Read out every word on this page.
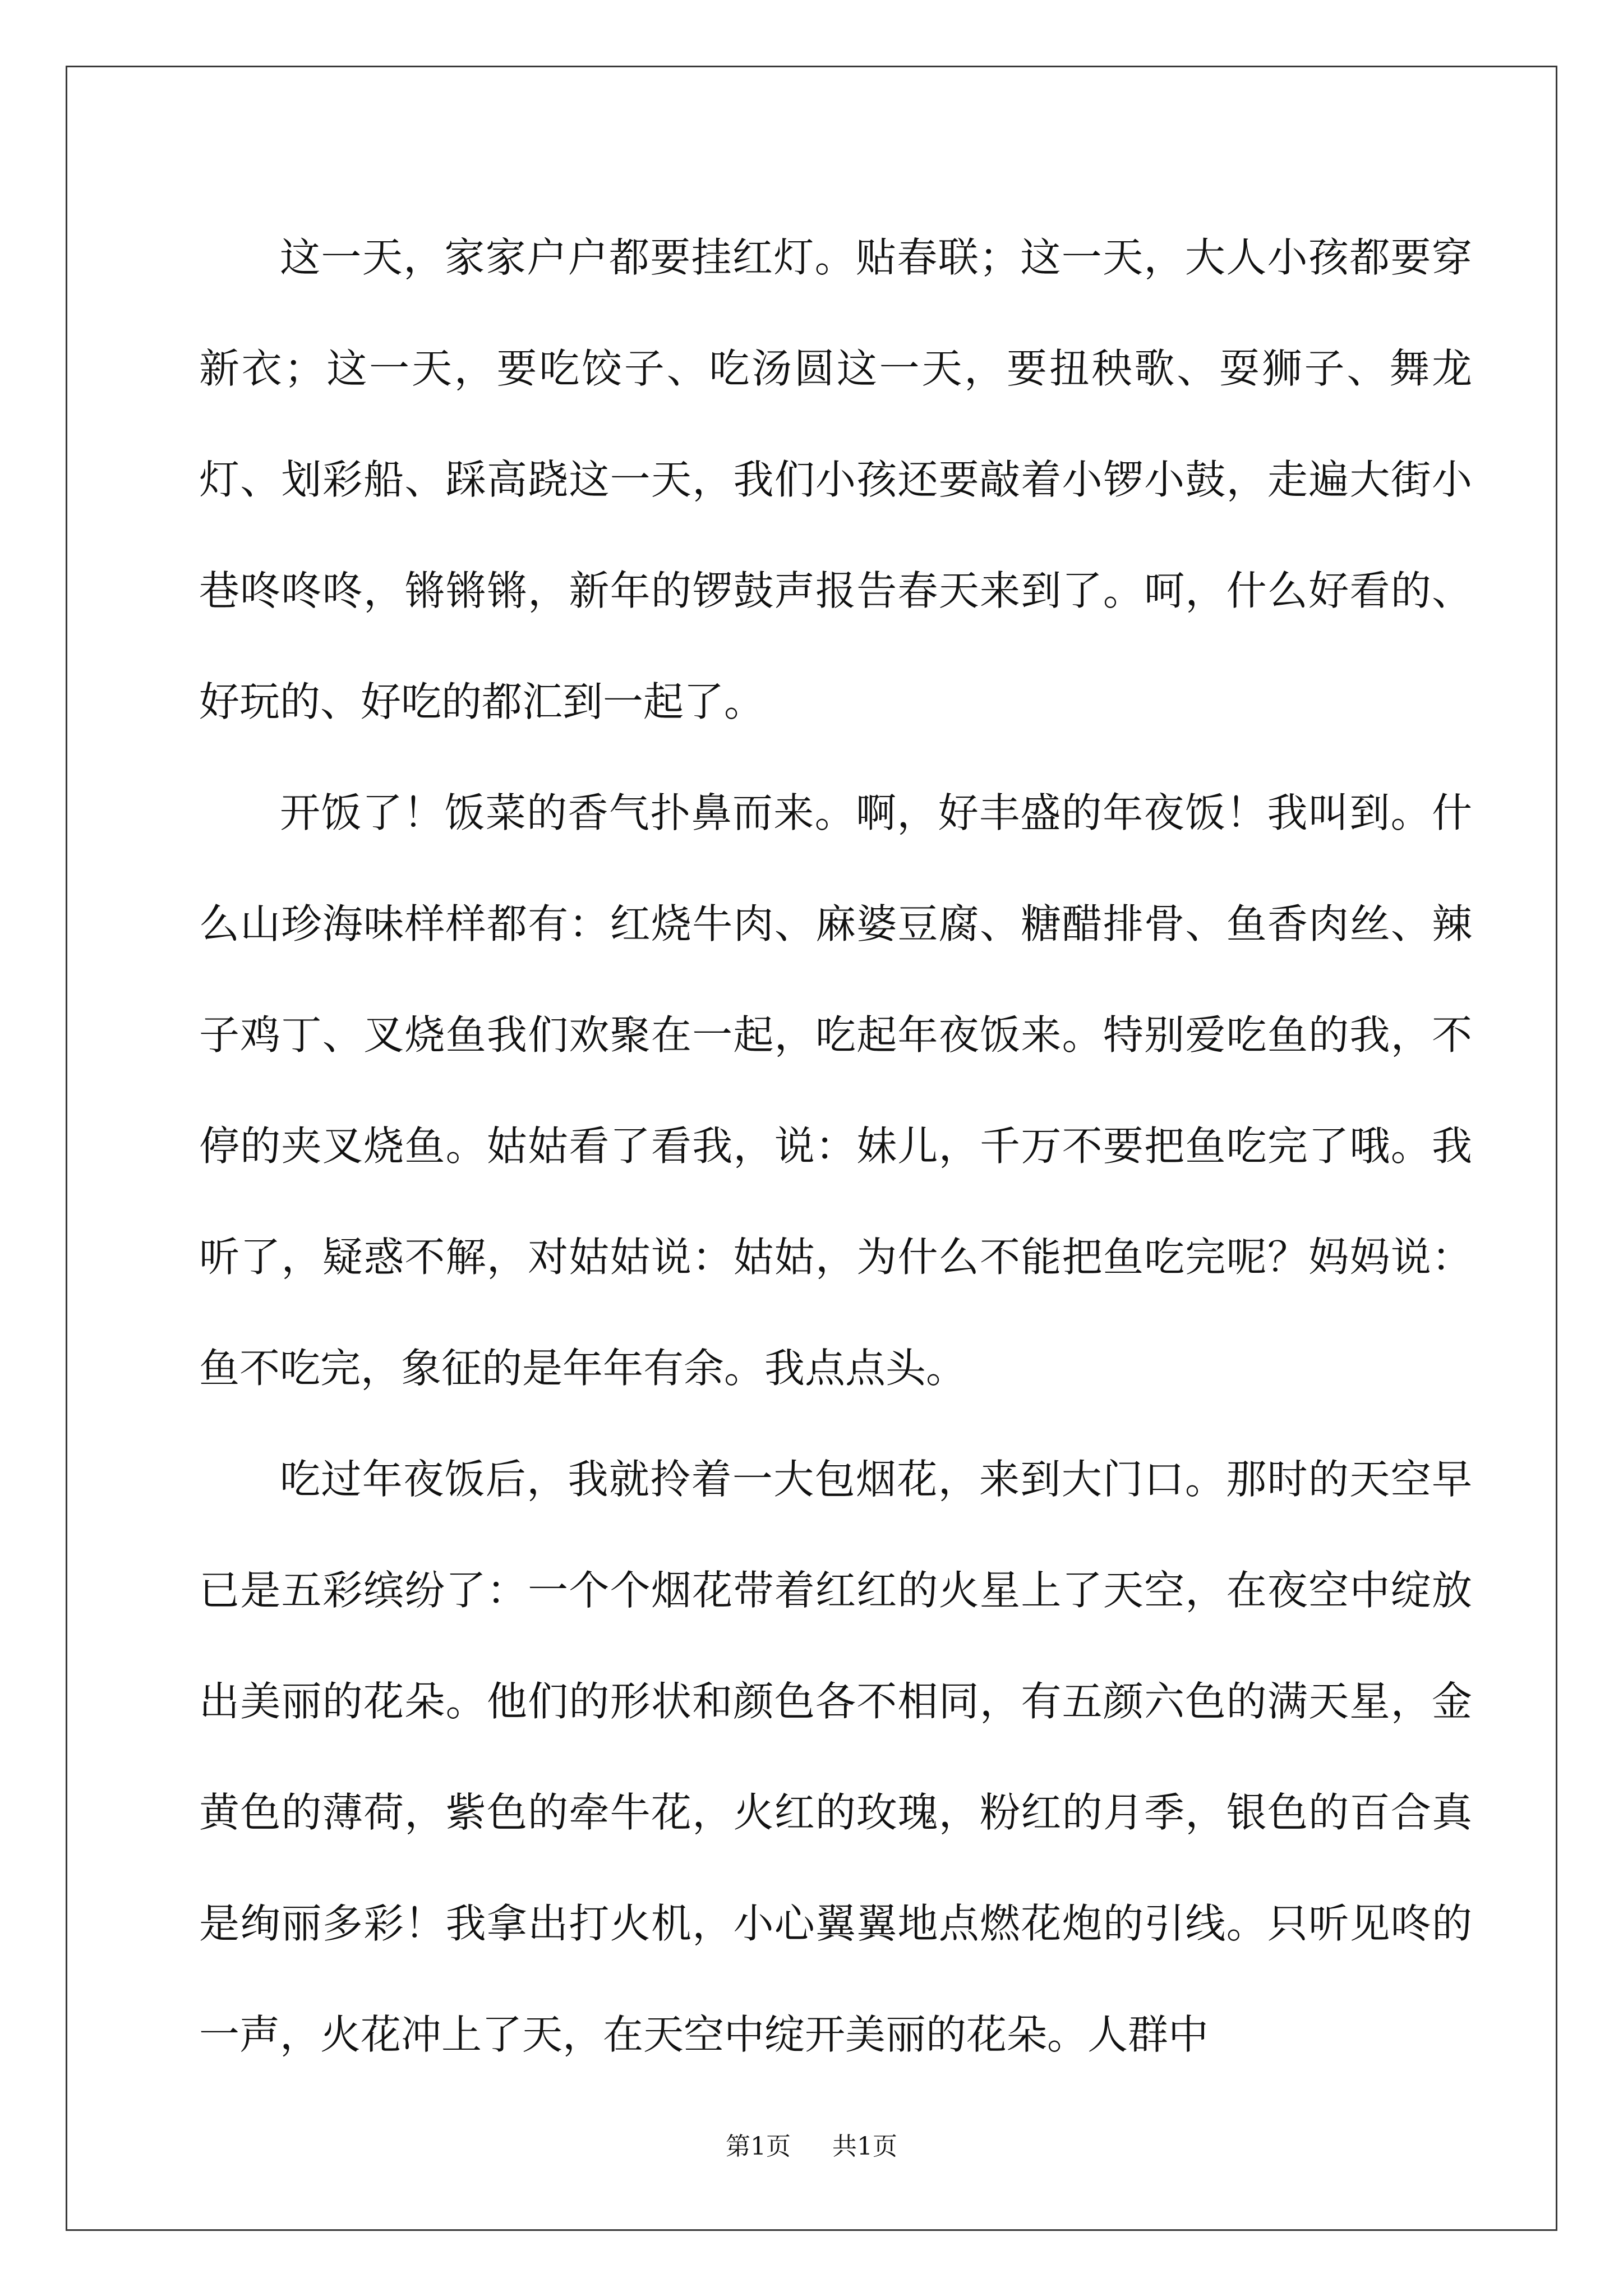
这一天，家家户户都要挂红灯。贴春联；这一天，大人小孩都要穿新衣；这一天，要吃饺子、吃汤圆这一天，要扭秧歌、耍狮子、舞龙灯、划彩船、踩高跷这一天，我们小孩还要敲着小锣小鼓，走遍大街小巷咚咚咚，锵锵锵，新年的锣鼓声报告春天来到了。呵，什么好看的、好玩的、好吃的都汇到一起了。

开饭了！饭菜的香气扑鼻而来。啊，好丰盛的年夜饭！我叫到。什么山珍海味样样都有：红烧牛肉、麻婆豆腐、糖醋排骨、鱼香肉丝、辣子鸡丁、叉烧鱼我们欢聚在一起，吃起年夜饭来。特别爱吃鱼的我，不停的夹叉烧鱼。姑姑看了看我，说：妹儿，千万不要把鱼吃完了哦。我听了，疑惑不解，对姑姑说：姑姑，为什么不能把鱼吃完呢？妈妈说：鱼不吃完，象征的是年年有余。我点点头。

吃过年夜饭后，我就拎着一大包烟花，来到大门口。那时的天空早已是五彩缤纷了：一个个烟花带着红红的火星上了天空，在夜空中绽放出美丽的花朵。他们的形状和颜色各不相同，有五颜六色的满天星，金黄色的薄荷，紫色的牵牛花，火红的玫瑰，粉红的月季，银色的百合真是绚丽多彩！我拿出打火机，小心翼翼地点燃花炮的引线。只听见咚的一声，火花冲上了天，在天空中绽开美丽的花朵。人群中

第1页 共1页
